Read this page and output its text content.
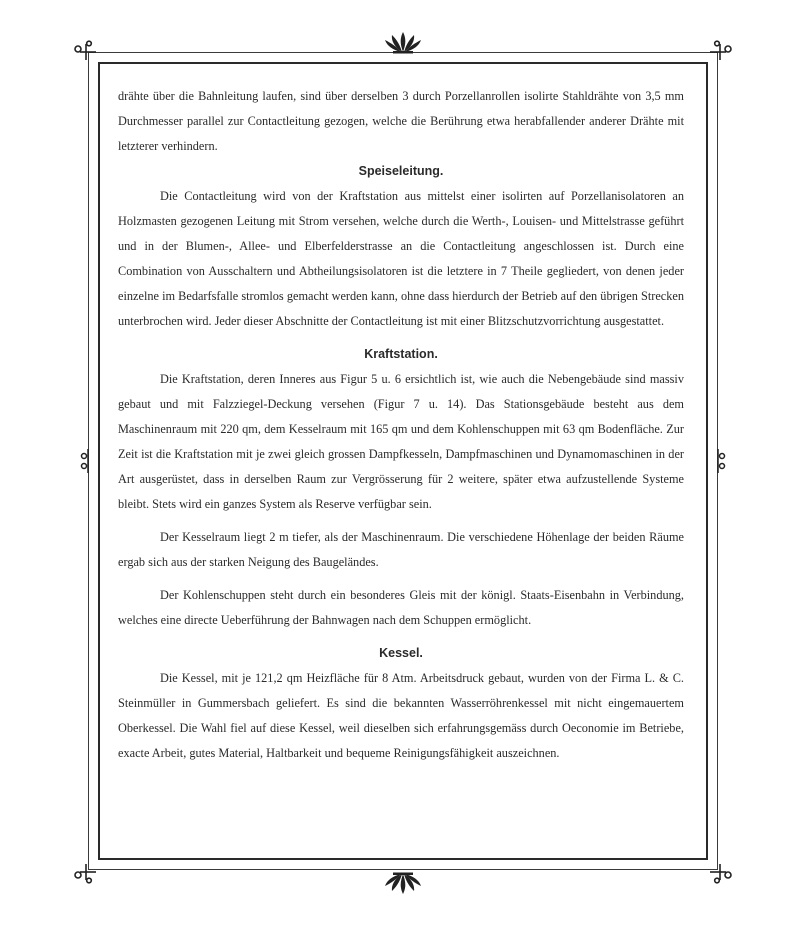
drähte über die Bahnleitung laufen, sind über derselben 3 durch Porzellanrollen isolirte Stahldrähte von 3,5 mm Durchmesser parallel zur Contactleitung gezogen, welche die Berührung etwa herabfallender anderer Drähte mit letzterer verhindern.

Speiseleitung.

Die Contactleitung wird von der Kraftstation aus mittelst einer isolirten auf Porzellanisolatoren an Holzmasten gezogenen Leitung mit Strom versehen, welche durch die Werth-, Louisen- und Mittelstrasse geführt und in der Blumen-, Allee- und Elberfelderstrasse an die Contactleitung angeschlossen ist. Durch eine Combination von Ausschaltern und Abtheilungsisolatoren ist die letztere in 7 Theile gegliedert, von denen jeder einzelne im Bedarfsfalle stromlos gemacht werden kann, ohne dass hierdurch der Betrieb auf den übrigen Strecken unterbrochen wird. Jeder dieser Abschnitte der Contactleitung ist mit einer Blitzschutzvorrichtung ausgestattet.

Kraftstation.

Die Kraftstation, deren Inneres aus Figur 5 u. 6 ersichtlich ist, wie auch die Nebengebäude sind massiv gebaut und mit Falzziegel-Deckung versehen (Figur 7 u. 14). Das Stationsgebäude besteht aus dem Maschinenraum mit 220 qm, dem Kesselraum mit 165 qm und dem Kohlenschuppen mit 63 qm Bodenfläche. Zur Zeit ist die Kraftstation mit je zwei gleich grossen Dampfkesseln, Dampfmaschinen und Dynamomaschinen in der Art ausgerüstet, dass in derselben Raum zur Vergrösserung für 2 weitere, später etwa aufzustellende Systeme bleibt. Stets wird ein ganzes System als Reserve verfügbar sein.

Der Kesselraum liegt 2 m tiefer, als der Maschinenraum. Die verschiedene Höhenlage der beiden Räume ergab sich aus der starken Neigung des Baugeländes.

Der Kohlenschuppen steht durch ein besonderes Gleis mit der königl. Staats-Eisenbahn in Verbindung, welches eine directe Ueberführung der Bahnwagen nach dem Schuppen ermöglicht.

Kessel.

Die Kessel, mit je 121,2 qm Heizfläche für 8 Atm. Arbeitsdruck gebaut, wurden von der Firma L. & C. Steinmüller in Gummersbach geliefert. Es sind die bekannten Wasserröhrenkessel mit nicht eingemauertem Oberkessel. Die Wahl fiel auf diese Kessel, weil dieselben sich erfahrungsgemäss durch Oeconomie im Betriebe, exacte Arbeit, gutes Material, Haltbarkeit und bequeme Reinigungsfähigkeit auszeichnen.
